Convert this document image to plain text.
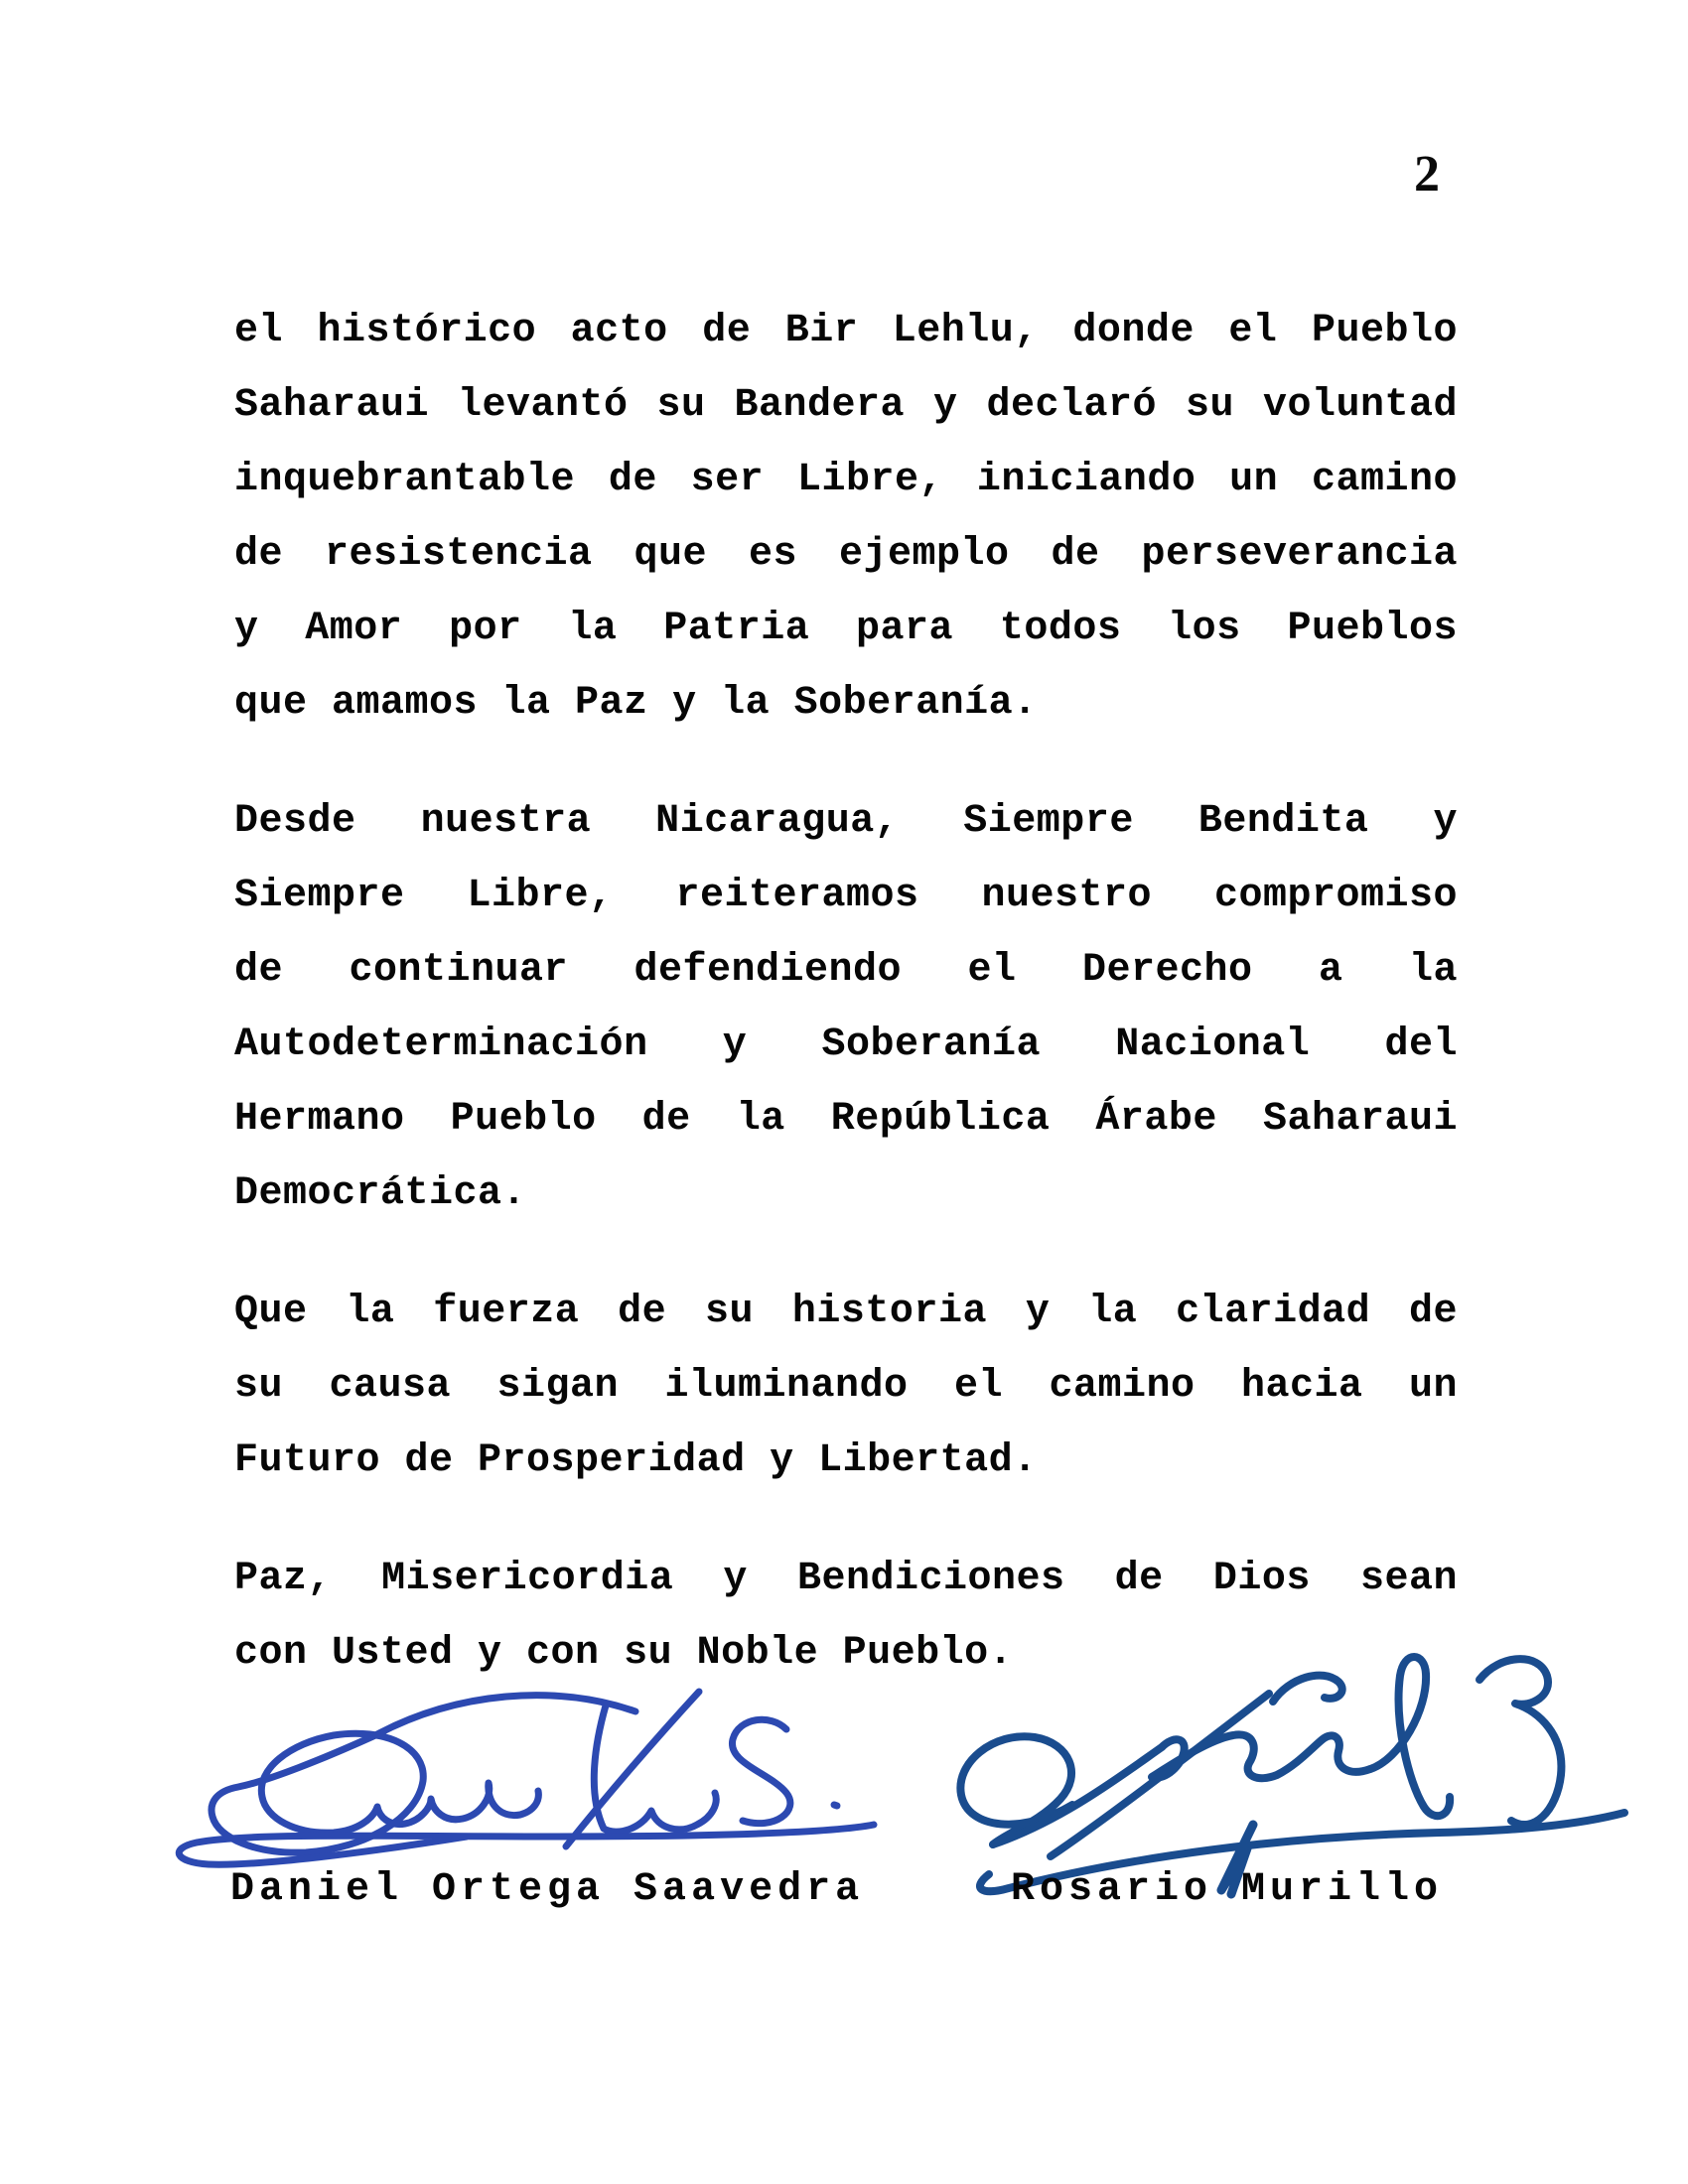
2
el histórico acto de Bir Lehlu, donde el Pueblo
Saharaui levantó su Bandera y declaró su voluntad
inquebrantable de ser Libre, iniciando un camino
de resistencia que es ejemplo de perseverancia
y Amor por la Patria para todos los Pueblos
que amamos la Paz y la Soberanía.
Desde nuestra Nicaragua, Siempre Bendita y
Siempre Libre, reiteramos nuestro compromiso
de continuar defendiendo el Derecho a la
Autodeterminación y Soberanía Nacional del
Hermano Pueblo de la República Árabe Saharaui
Democrática.
Que la fuerza de su historia y la claridad de
su causa sigan iluminando el camino hacia un
Futuro de Prosperidad y Libertad.
Paz, Misericordia y Bendiciones de Dios sean
con Usted y con su Noble Pueblo.
Daniel Ortega Saavedra	Rosario Murillo
